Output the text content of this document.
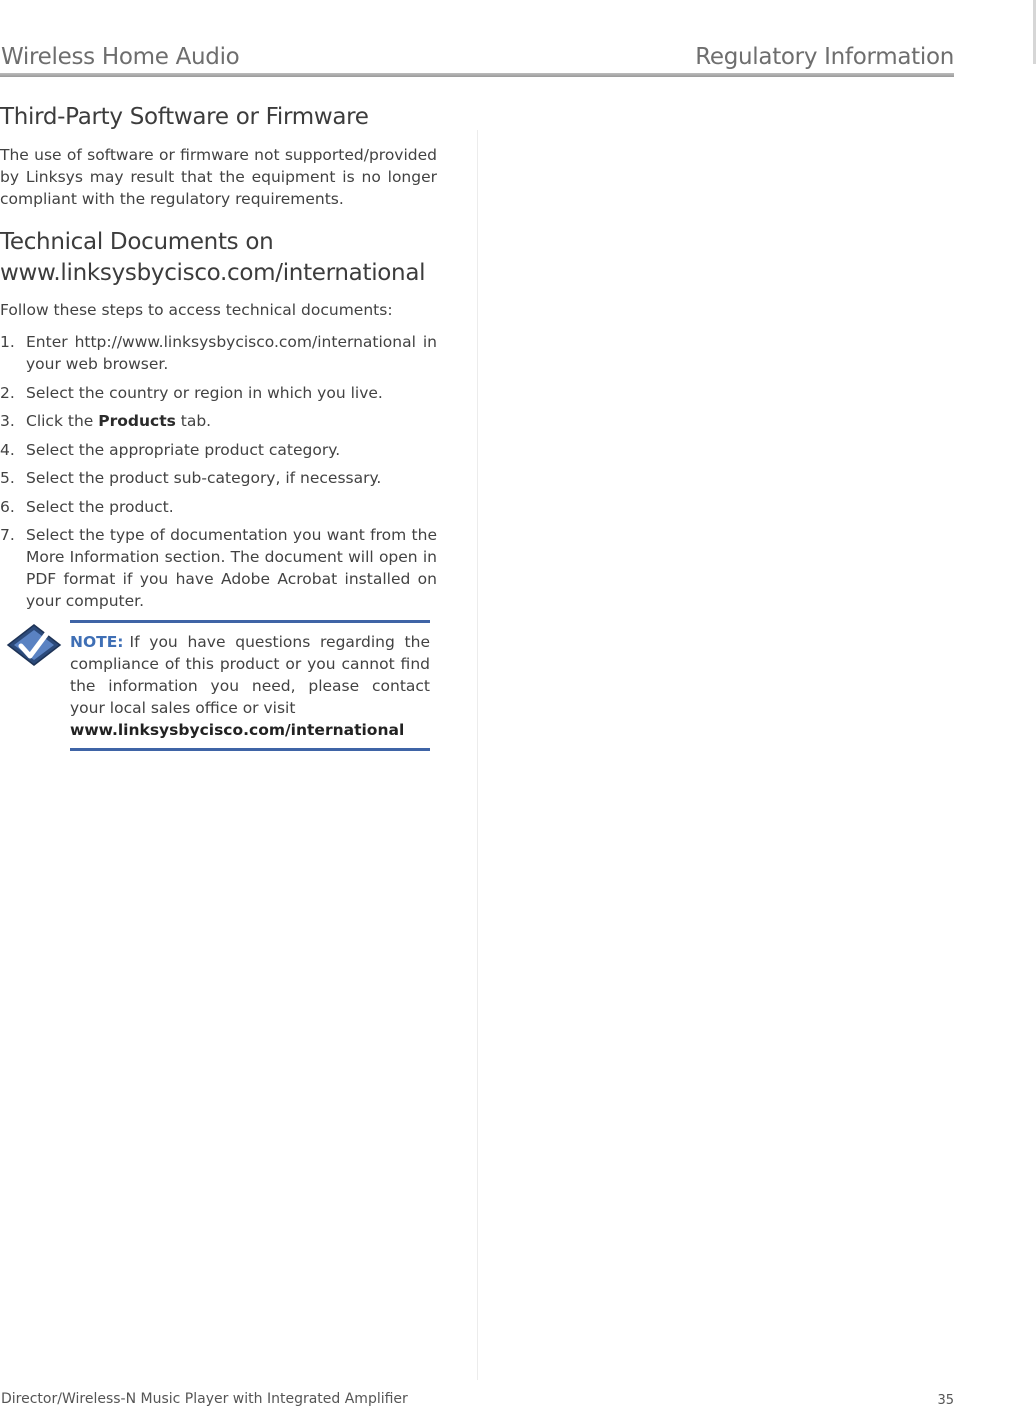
Wireless Home Audio	Regulatory Information
Third-Party Software or Firmware

The use of software or firmware not supported/provided by Linksys may result that the equipment is no longer compliant with the regulatory requirements.

Technical Documents on
www.linksysbycisco.com/international

Follow these steps to access technical documents:

1. Enter http://www.linksysbycisco.com/international in your web browser.
2. Select the country or region in which you live.
3. Click the Products tab.
4. Select the appropriate product category.
5. Select the product sub-category, if necessary.
6. Select the product.
7. Select the type of documentation you want from the More Information section. The document will open in PDF format if you have Adobe Acrobat installed on your computer.
NOTE: If you have questions regarding the compliance of this product or you cannot find the information you need, please contact your local sales office or visit
www.linksysbycisco.com/international
Director/Wireless-N Music Player with Integrated Amplifier	35
